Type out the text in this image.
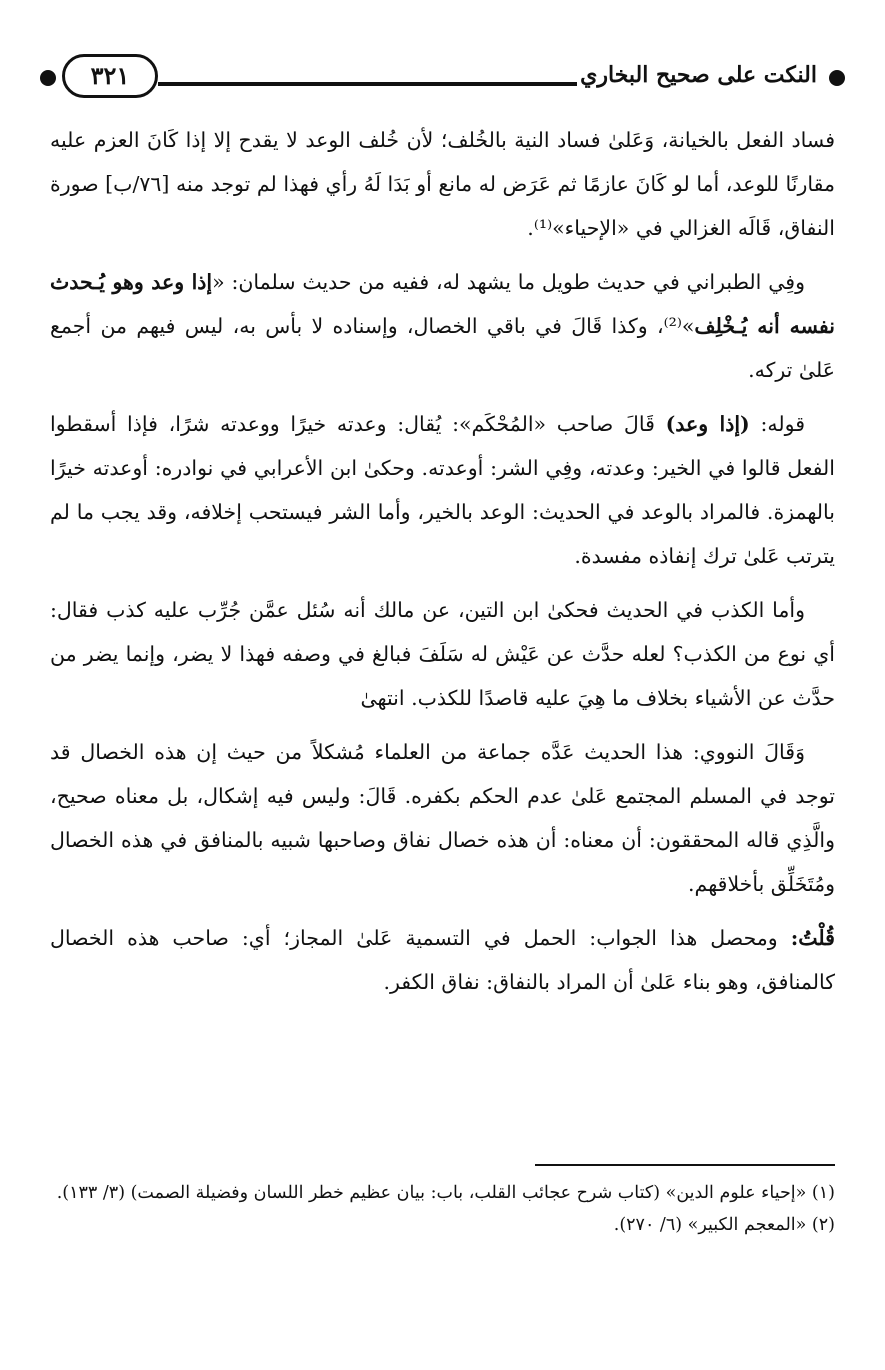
النكت على صحيح البخاري
٣٢١

فساد الفعل بالخيانة، وَعَلىٰ فساد النية بالخُلف؛ لأن خُلف الوعد لا يقدح إلا إذا كَانَ العزم عليه مقارنًا للوعد، أما لو كَانَ عازمًا ثم عَرَض له مانع أو بَدَا لَهُ رأي فهذا لم توجد منه [٧٦/ب] صورة النفاق، قَالَه الغزالي في «الإحياء»⁽¹⁾.

وفِي الطبراني في حديث طويل ما يشهد له، ففيه من حديث سلمان: «إذا وعد وهو يُـحدث نفسه أنه يُـخْلِف»⁽²⁾، وكذا قَالَ في باقي الخصال، وإسناده لا بأس به، ليس فيهم من أجمع عَلىٰ تركه.

قوله: (إذا وعد) قَالَ صاحب «المُحْكَم»: يُقال: وعدته خيرًا ووعدته شرًا، فإذا أسقطوا الفعل قالوا في الخير: وعدته، وفِي الشر: أوعدته. وحكىٰ ابن الأعرابي في نوادره: أوعدته خيرًا بالهمزة. فالمراد بالوعد في الحديث: الوعد بالخير، وأما الشر فيستحب إخلافه، وقد يجب ما لم يترتب عَلىٰ ترك إنفاذه مفسدة.

وأما الكذب في الحديث فحكىٰ ابن التين، عن مالك أنه سُئل عمَّن جُرِّب عليه كذب فقال: أي نوع من الكذب؟ لعله حدَّث عن عَيْش له سَلَفَ فبالغ في وصفه فهذا لا يضر، وإنما يضر من حدَّث عن الأشياء بخلاف ما هِيَ عليه قاصدًا للكذب. انتهىٰ

وَقَالَ النووي: هذا الحديث عَدَّه جماعة من العلماء مُشكلاً من حيث إن هذه الخصال قد توجد في المسلم المجتمع عَلىٰ عدم الحكم بكفره. قَالَ: وليس فيه إشكال، بل معناه صحيح، والَّذِي قاله المحققون: أن معناه: أن هذه خصال نفاق وصاحبها شبيه بالمنافق في هذه الخصال ومُتَخَلِّق بأخلاقهم.

قُلْتُ: ومحصل هذا الجواب: الحمل في التسمية عَلىٰ المجاز؛ أي: صاحب هذه الخصال كالمنافق، وهو بناء عَلىٰ أن المراد بالنفاق: نفاق الكفر.

(١) «إحياء علوم الدين» (كتاب شرح عجائب القلب، باب: بيان عظيم خطر اللسان وفضيلة الصمت) (٣/ ١٣٣).

(٢) «المعجم الكبير» (٦/ ٢٧٠).
